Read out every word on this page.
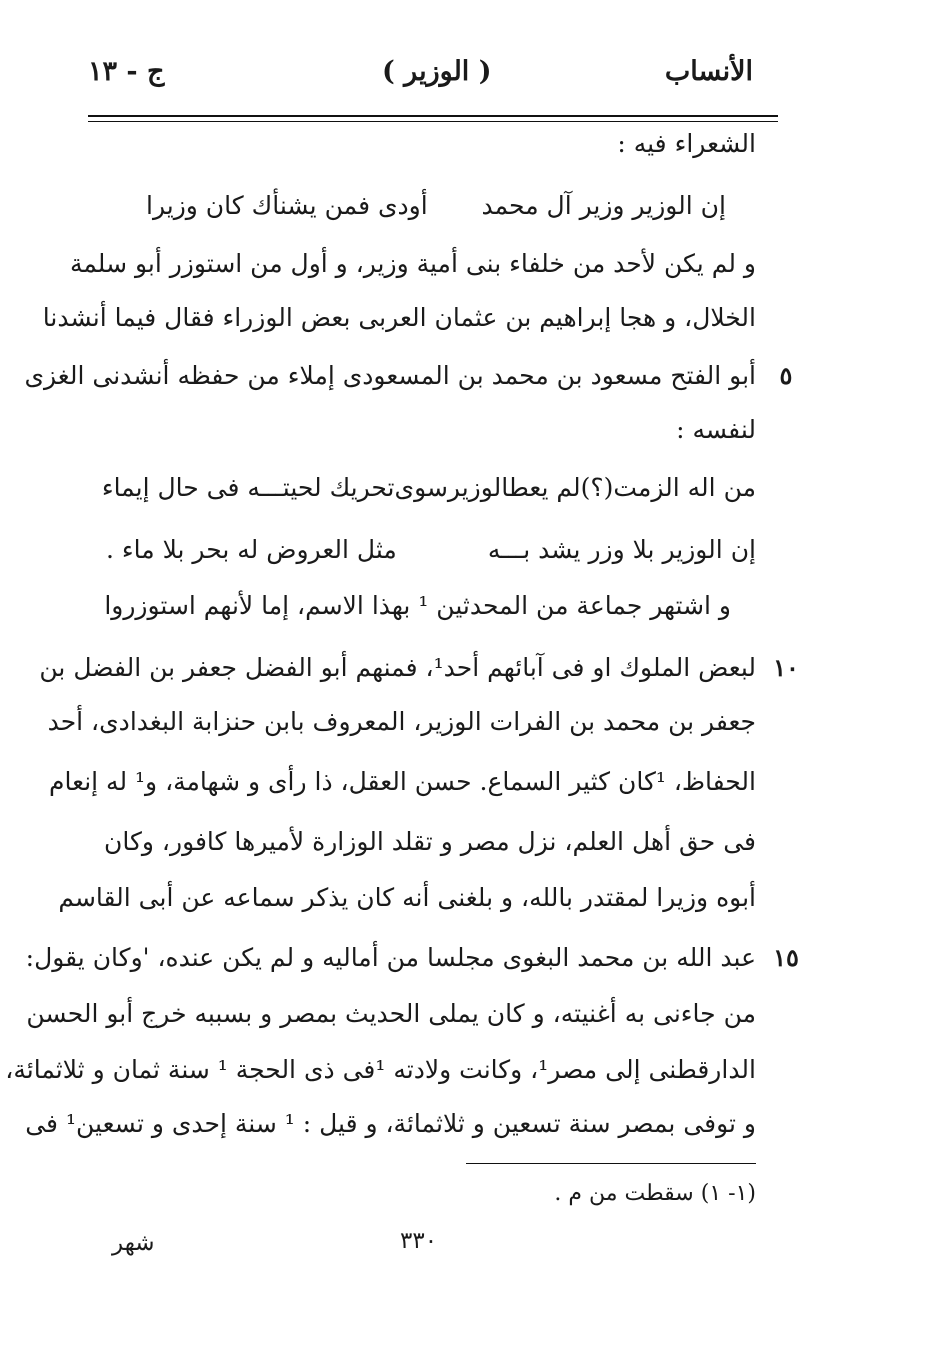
الأنساب
( الوزير )
ج - ١٣
الشعراء فيه :
إن الوزير وزير آل محمد
أودى فمن يشنأك كان وزيرا
و لم يكن لأحد من خلفاء بنى أمية وزير، و أول من استوزر أبو سلمة
الخلال، و هجا إبراهيم بن عثمان العربى بعض الوزراء فقال فيما أنشدنا
٥
أبو الفتح مسعود بن محمد بن المسعودى إملاء من حفظه أنشدنى الغزى
لنفسه :
من اله الزمت(؟)لم يعطالوزيرسوى
تحريك لحيتـــه فى حال إيماء
إن الوزير بلا وزر يشد بـــه
مثل العروض له بحر بلا ماء .
و اشتهر جماعة من المحدثين ¹ بهذا الاسم، إما لأنهم استوزروا
١٠
لبعض الملوك او فى آبائهم أحد¹، فمنهم أبو الفضل جعفر بن الفضل بن
جعفر بن محمد بن الفرات الوزير، المعروف بابن حنزابة البغدادى، أحد
الحفاظ، ¹كان كثير السماع. حسن العقل، ذا رأى و شهامة، و¹ له إنعام
فى حق أهل العلم، نزل مصر و تقلد الوزارة لأميرها كافور، وكان
أبوه وزيرا لمقتدر بالله، و بلغنى أنه كان يذكر سماعه عن أبى القاسم
١٥
عبد الله بن محمد البغوى مجلسا من أماليه و لم يكن عنده، 'وكان يقول:
من جاءنى به أغنيته، و كان يملى الحديث بمصر و بسببه خرج أبو الحسن
الدارقطنى إلى مصر¹، وكانت ولادته ¹فى ذى الحجة ¹ سنة ثمان و ثلاثمائة،
و توفى بمصر سنة تسعين و ثلاثمائة، و قيل : ¹ سنة إحدى و تسعين¹ فى
(١- ١) سقطت من م .
٣٣٠
شهر
